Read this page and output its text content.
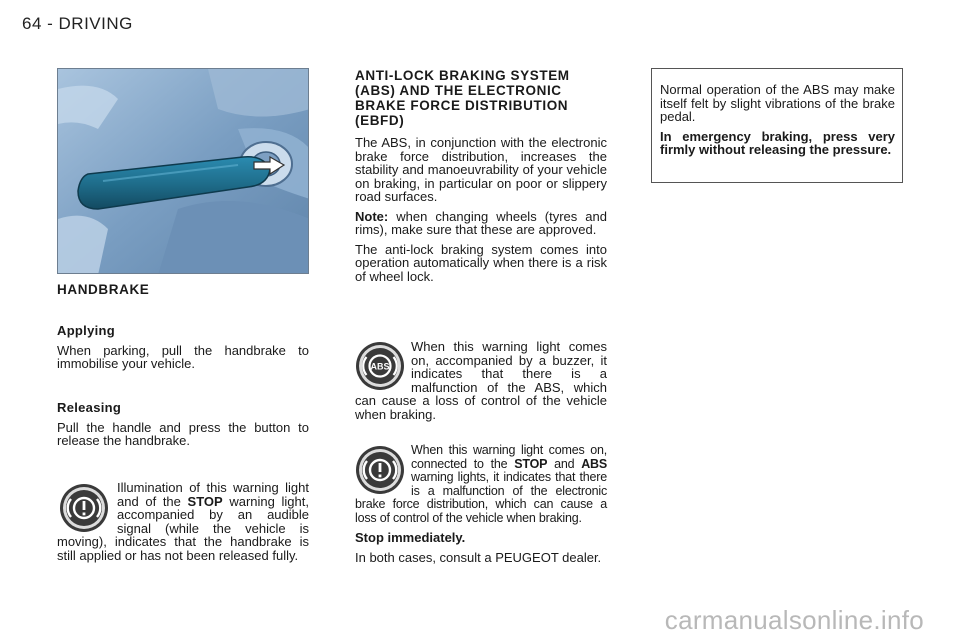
64 - DRIVING

HANDBRAKE

Applying

When parking, pull the handbrake to immobilise your vehicle.

Releasing

Pull the handle and press the button to release the handbrake.

Illumination of this warning light and of the STOP warning light, accompanied by an audible signal (while the vehicle is moving), indicates that the handbrake is still applied or has not been released fully.

ANTI-LOCK BRAKING SYSTEM (ABS) AND THE ELECTRONIC BRAKE FORCE DISTRIBUTION (EBFD)

The ABS, in conjunction with the electronic brake force distribution, increases the stability and manoeuvrability of your vehicle on braking, in particular on poor or slippery road surfaces.

Note: when changing wheels (tyres and rims), make sure that these are approved.

The anti-lock braking system comes into operation automatically when there is a risk of wheel lock.

ABS
When this warning light comes on, accompanied by a buzzer, it indicates that there is a malfunction of the ABS, which can cause a loss of control of the vehicle when braking.

When this warning light comes on, connected to the STOP and ABS warning lights, it indicates that there is a malfunction of the electronic brake force distribution, which can cause a loss of control of the vehicle when braking.

Stop immediately.

In both cases, consult a PEUGEOT dealer.

Normal operation of the ABS may make itself felt by slight vibrations of the brake pedal.

In emergency braking, press very firmly without releasing the pressure.

carmanualsonline.info
